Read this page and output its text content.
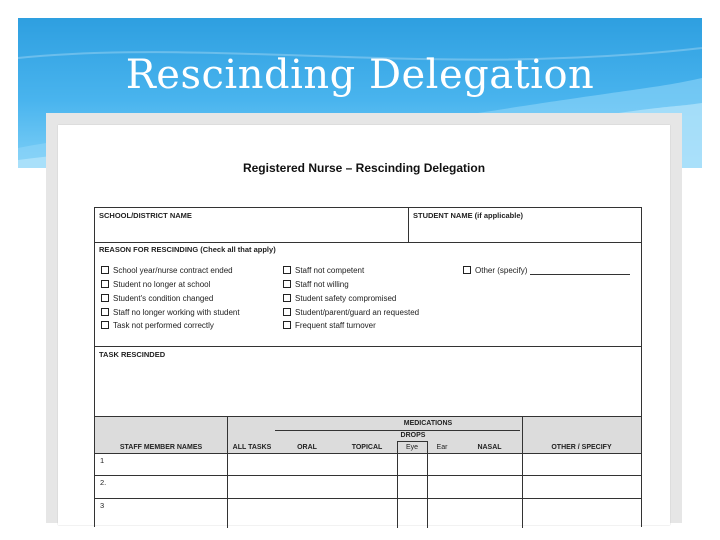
Rescinding Delegation
Registered Nurse – Rescinding Delegation
SCHOOL/DISTRICT NAME	STUDENT NAME (if applicable)
REASON FOR RESCINDING (Check all that apply)
School year/nurse contract ended
Student no longer at school
Student's condition changed
Staff no longer working with student
Task not performed correctly
Staff not competent
Staff not willing
Student safety compromised
Student/parent/guard an requested
Frequent staff turnover
Other (specify)
TASK RESCINDED
MEDICATIONS
DROPS
STAFF MEMBER NAMES	ALL TASKS	ORAL	TOPICAL	Eye	Ear	NASAL	OTHER / SPECIFY
1
2.
3
